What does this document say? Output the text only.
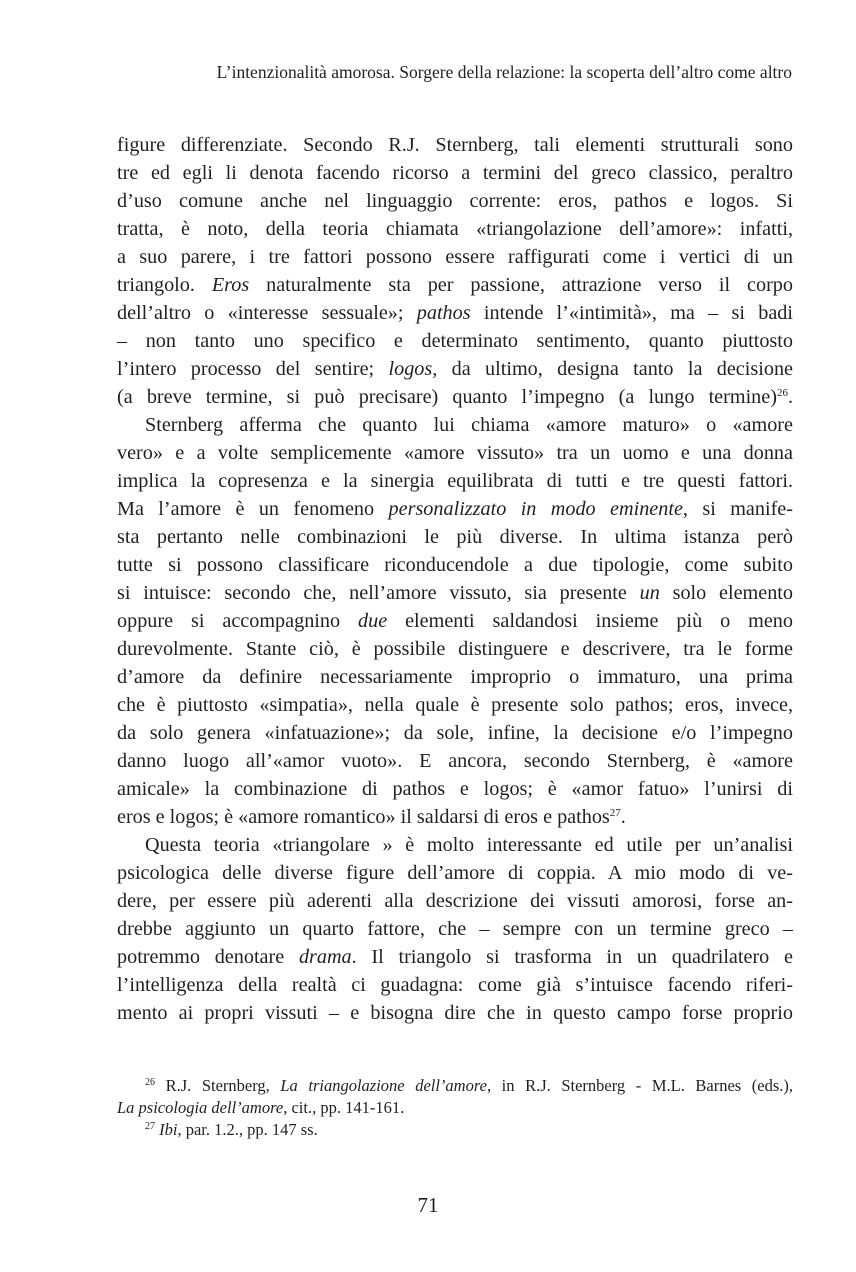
L’intenzionalità amorosa. Sorgere della relazione: la scoperta dell’altro come altro
figure differenziate. Secondo R.J. Sternberg, tali elementi strutturali sono
tre ed egli li denota facendo ricorso a termini del greco classico, peraltro
d’uso comune anche nel linguaggio corrente: eros, pathos e logos. Si
tratta, è noto, della teoria chiamata «triangolazione dell’amore»: infatti,
a suo parere, i tre fattori possono essere raffigurati come i vertici di un
triangolo. Eros naturalmente sta per passione, attrazione verso il corpo
dell’altro o «interesse sessuale»; pathos intende l’«intimità», ma – si badi
– non tanto uno specifico e determinato sentimento, quanto piuttosto
l’intero processo del sentire; logos, da ultimo, designa tanto la decisione
(a breve termine, si può precisare) quanto l’impegno (a lungo termine)$^{26}$.
Sternberg afferma che quanto lui chiama «amore maturo» o «amore
vero» e a volte semplicemente «amore vissuto» tra un uomo e una donna
implica la copresenza e la sinergia equilibrata di tutti e tre questi fattori.
Ma l’amore è un fenomeno personalizzato in modo eminente, si manife-
sta pertanto nelle combinazioni le più diverse. In ultima istanza però
tutte si possono classificare riconducendole a due tipologie, come subito
si intuisce: secondo che, nell’amore vissuto, sia presente un solo elemento
oppure si accompagnino due elementi saldandosi insieme più o meno
durevolmente. Stante ciò, è possibile distinguere e descrivere, tra le forme
d’amore da definire necessariamente improprio o immaturo, una prima
che è piuttosto «simpatia», nella quale è presente solo pathos; eros, invece,
da solo genera «infatuazione»; da sole, infine, la decisione e/o l’impegno
danno luogo all’«amor vuoto». E ancora, secondo Sternberg, è «amore
amicale» la combinazione di pathos e logos; è «amor fatuo» l’unirsi di
eros e logos; è «amore romantico» il saldarsi di eros e pathos$^{27}$.
Questa teoria «triangolare » è molto interessante ed utile per un’analisi
psicologica delle diverse figure dell’amore di coppia. A mio modo di ve-
dere, per essere più aderenti alla descrizione dei vissuti amorosi, forse an-
drebbe aggiunto un quarto fattore, che – sempre con un termine greco –
potremmo denotare drama. Il triangolo si trasforma in un quadrilatero e
l’intelligenza della realtà ci guadagna: come già s’intuisce facendo riferi-
mento ai propri vissuti – e bisogna dire che in questo campo forse proprio
$^{26}$ R.J. Sternberg, La triangolazione dell’amore, in R.J. Sternberg - M.L. Barnes (eds.),
La psicologia dell’amore, cit., pp. 141-161.
$^{27}$ Ibi, par. 1.2., pp. 147 ss.
71
